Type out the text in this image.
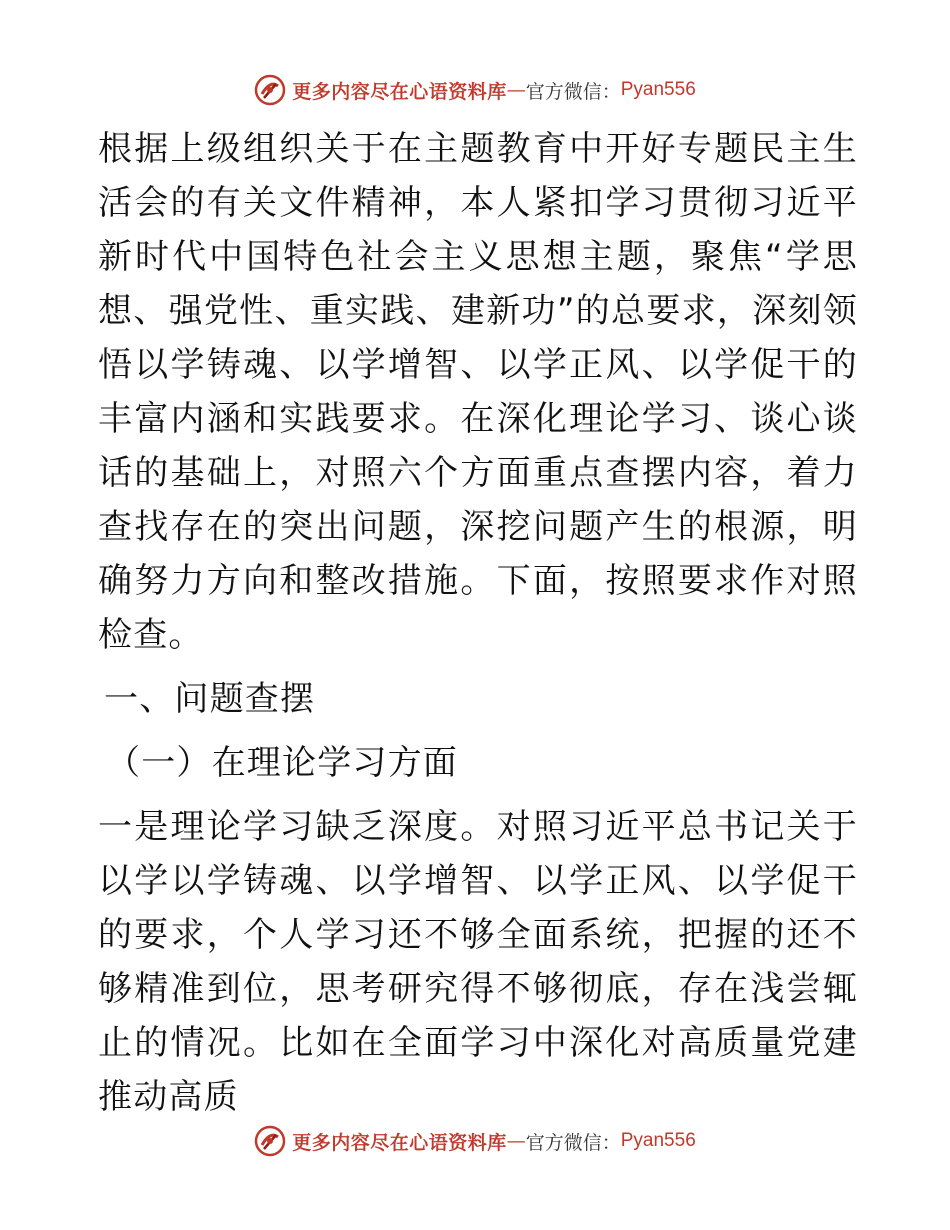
更多内容尽在心语资料库 — 官方微信： Pyan556

根据上级组织关于在主题教育中开好专题民主生活会的有关文件精神，本人紧扣学习贯彻习近平新时代中国特色社会主义思想主题，聚焦“学思想、强党性、重实践、建新功”的总要求，深刻领悟以学铸魂、以学增智、以学正风、以学促干的丰富内涵和实践要求。在深化理论学习、谈心谈话的基础上，对照六个方面重点查摆内容，着力查找存在的突出问题，深挖问题产生的根源，明确努力方向和整改措施。下面，按照要求作对照检查。

一、问题查摆

（一）在理论学习方面

一是理论学习缺乏深度。对照习近平总书记关于以学以学铸魂、以学增智、以学正风、以学促干的要求，个人学习还不够全面系统，把握的还不够精准到位，思考研究得不够彻底，存在浅尝辄止的情况。比如在全面学习中深化对高质量党建推动高质

更多内容尽在心语资料库 — 官方微信： Pyan556
